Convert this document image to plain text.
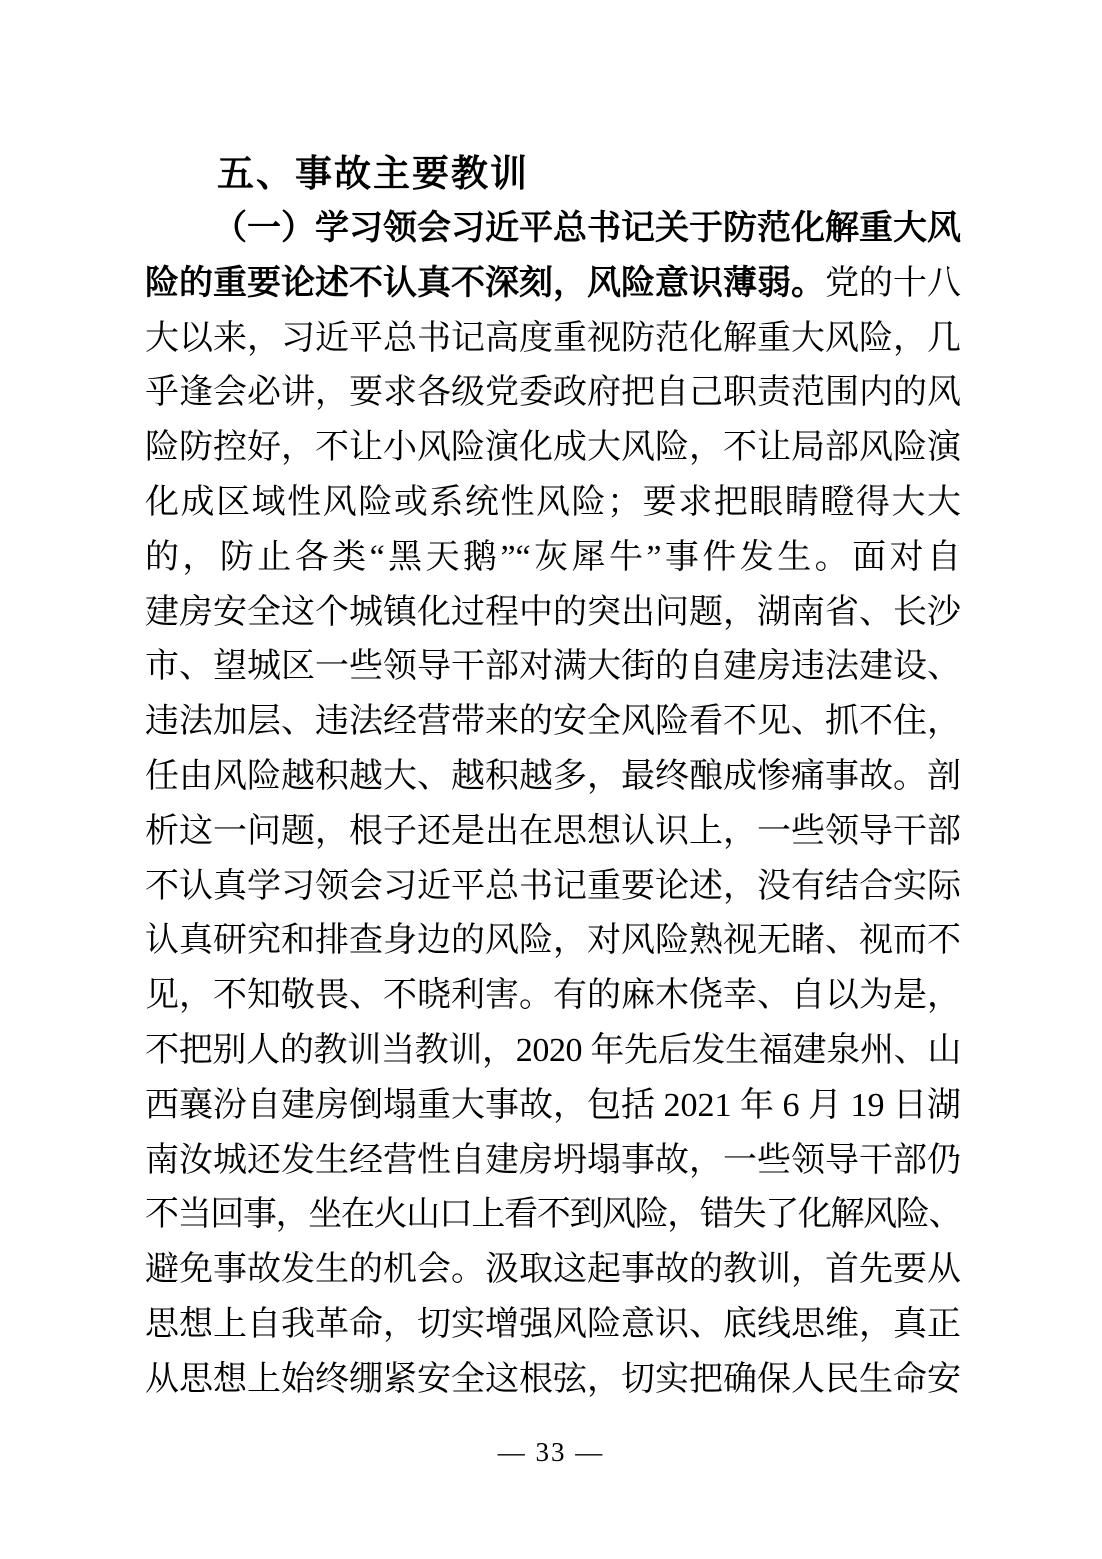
五、事故主要教训
（一）学习领会习近平总书记关于防范化解重大风
险的重要论述不认真不深刻，风险意识薄弱。党的十八
大以来，习近平总书记高度重视防范化解重大风险，几
乎逢会必讲，要求各级党委政府把自己职责范围内的风
险防控好，不让小风险演化成大风险，不让局部风险演
化成区域性风险或系统性风险；要求把眼睛瞪得大大
的，防止各类“黑天鹅”“灰犀牛”事件发生。面对自
建房安全这个城镇化过程中的突出问题，湖南省、长沙
市、望城区一些领导干部对满大街的自建房违法建设、
违法加层、违法经营带来的安全风险看不见、抓不住，
任由风险越积越大、越积越多，最终酿成惨痛事故。剖
析这一问题，根子还是出在思想认识上，一些领导干部
不认真学习领会习近平总书记重要论述，没有结合实际
认真研究和排查身边的风险，对风险熟视无睹、视而不
见，不知敬畏、不晓利害。有的麻木侥幸、自以为是，
不把别人的教训当教训，2020 年先后发生福建泉州、山
西襄汾自建房倒塌重大事故，包括 2021 年 6 月 19 日湖
南汝城还发生经营性自建房坍塌事故，一些领导干部仍
不当回事，坐在火山口上看不到风险，错失了化解风险、
避免事故发生的机会。汲取这起事故的教训，首先要从
思想上自我革命，切实增强风险意识、底线思维，真正
从思想上始终绷紧安全这根弦，切实把确保人民生命安
— 33 —
